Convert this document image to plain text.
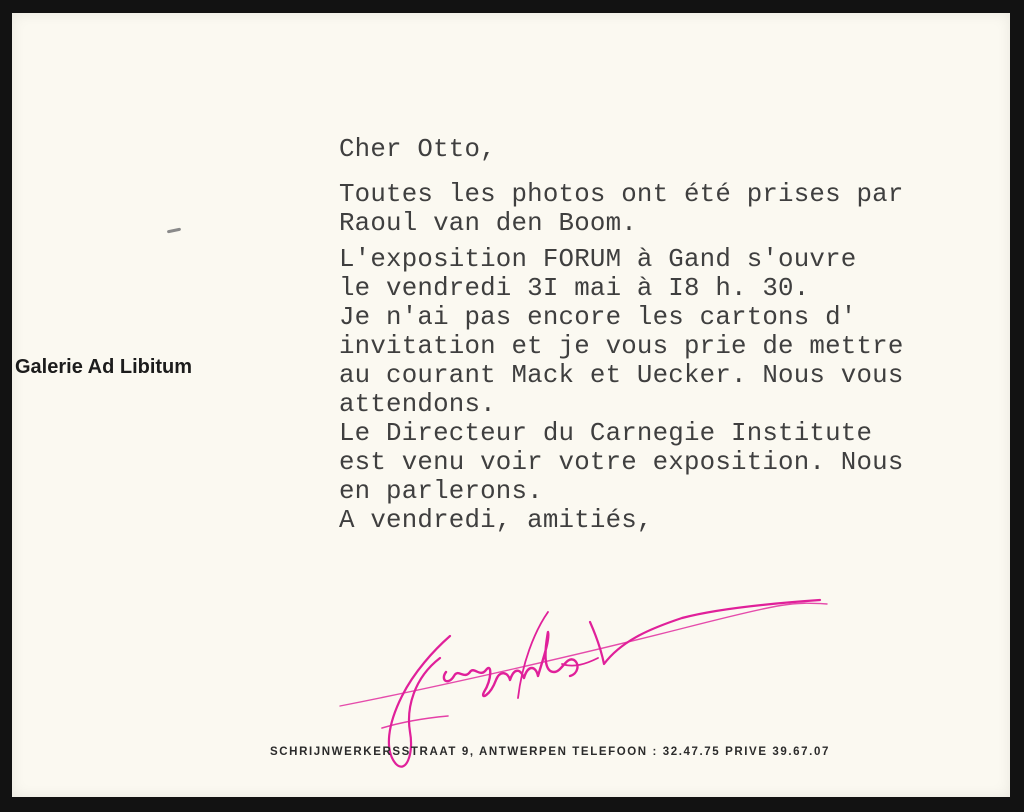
Galerie Ad Libitum
Cher Otto,
Toutes les photos ont été prises par
Raoul van den Boom.
L'exposition FORUM à Gand s'ouvre
le vendredi 3I mai à I8 h. 30.
Je n'ai pas encore les cartons d'
invitation et je vous prie de mettre
au courant Mack et Uecker. Nous vous
attendons.
Le Directeur du Carnegie Institute
est venu voir votre exposition. Nous
en parlerons.
A vendredi, amitiés,
SCHRIJNWERKERSSTRAAT 9, ANTWERPEN TELEFOON : 32.47.75 PRIVE 39.67.07
